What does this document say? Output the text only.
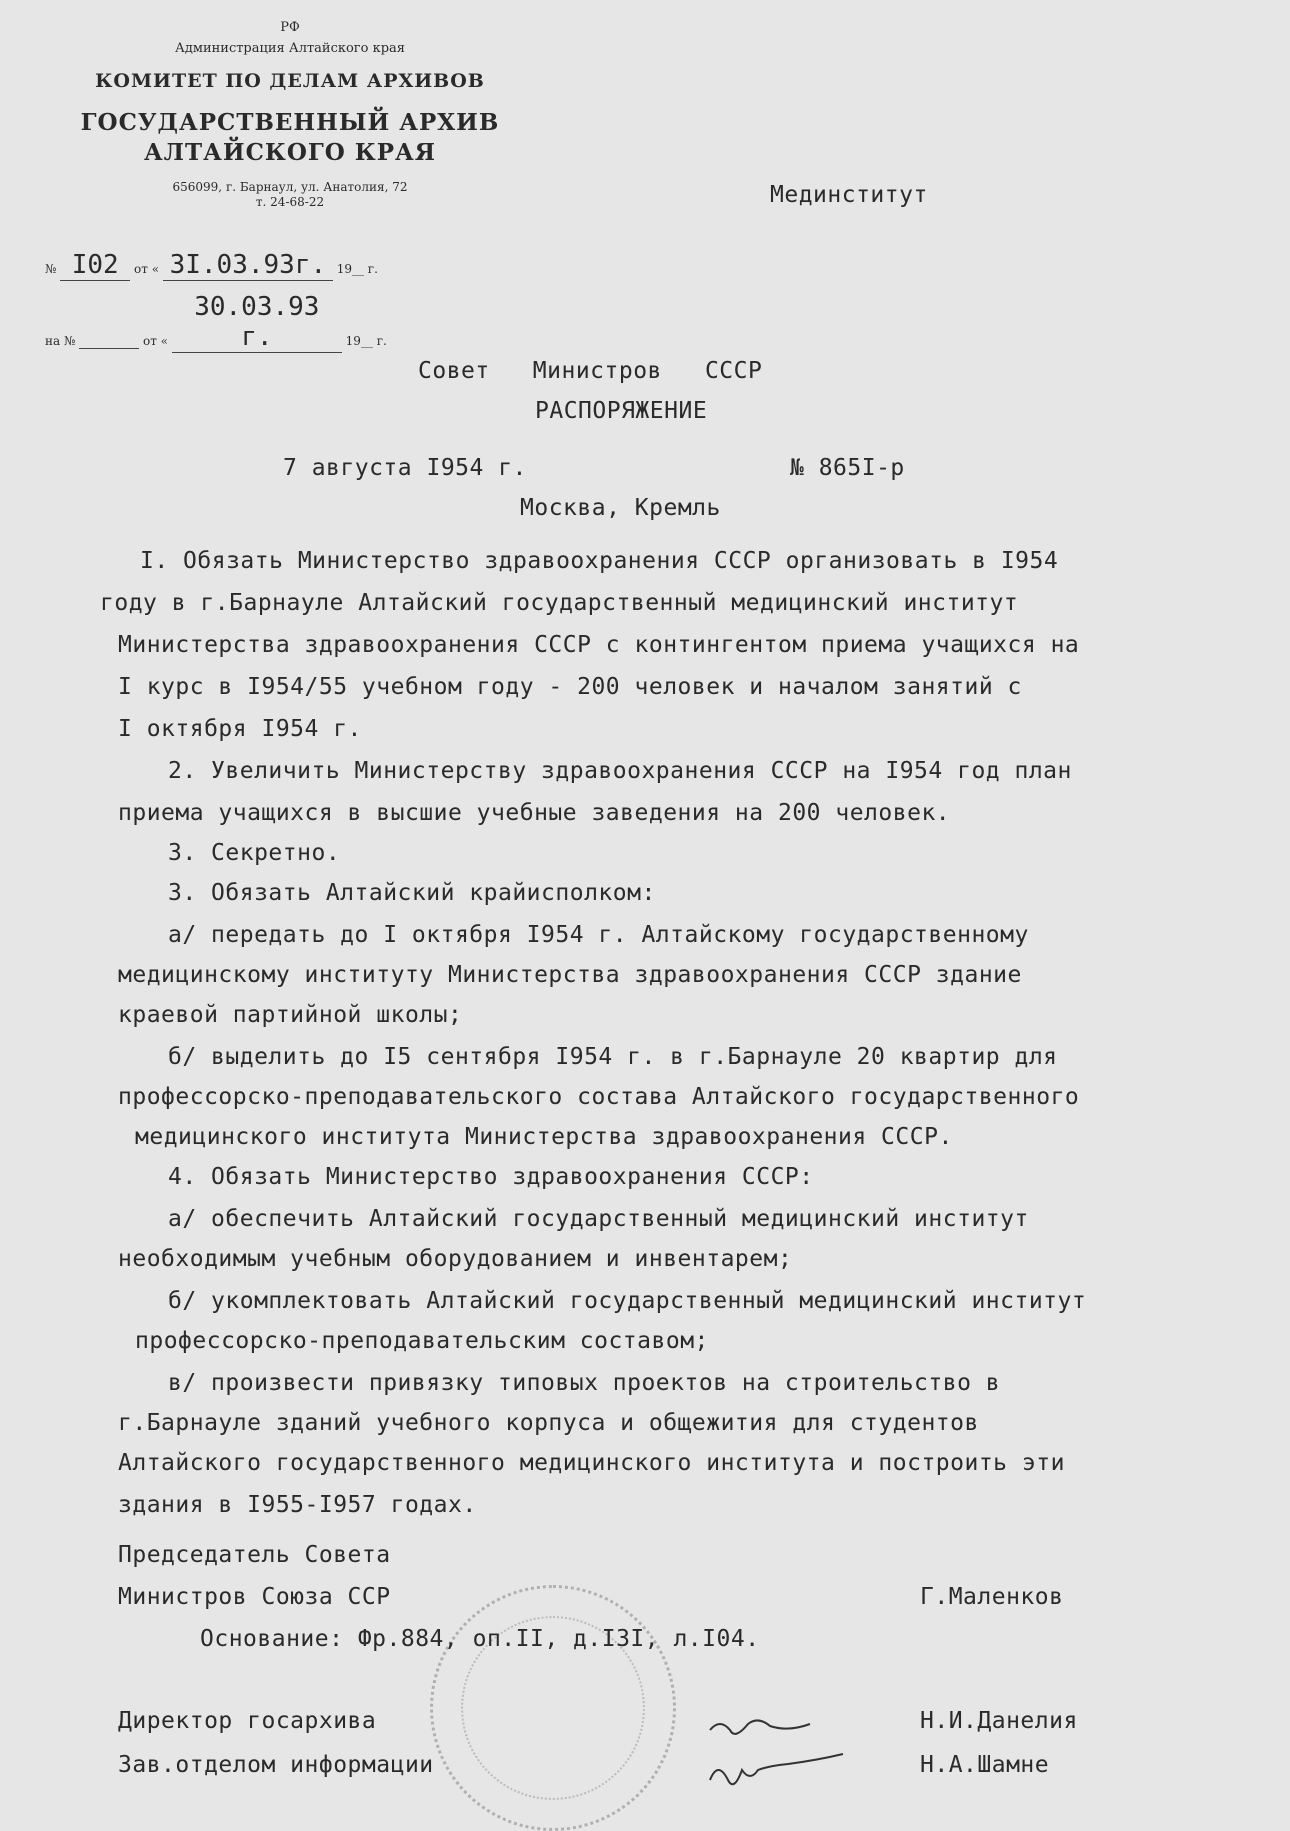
РФ
Администрация Алтайского края
КОМИТЕТ ПО ДЕЛАМ АРХИВОВ
ГОСУДАРСТВЕННЫЙ АРХИВ
АЛТАЙСКОГО КРАЯ
656099, г. Барнаул, ул. Анатолия, 72
т. 24-68-22
№ I02 от « 3I.03.93г. 19__ г.
на №	от « 30.03.93 г.	19__ г.
Мединститут
Совет   Министров   СССР
РАСПОРЯЖЕНИЕ
7 августа I954 г.	№ 865I-р
Москва, Кремль
I. Обязать Министерство здравоохранения СССР организовать в I954
году в г.Барнауле Алтайский государственный медицинский институт
Министерства здравоохранения СССР с контингентом приема учащихся на
I курс в I954/55 учебном году - 200 человек и началом занятий с
I октября I954 г.
2. Увеличить Министерству здравоохранения СССР на I954 год план
приема учащихся в высшие учебные заведения на 200 человек.
3. Секретно.
3. Обязать Алтайский крайисполком:
а/ передать до I октября I954 г. Алтайскому государственному
медицинскому институту Министерства здравоохранения СССР здание
краевой партийной школы;
б/ выделить до I5 сентября I954 г. в г.Барнауле 20 квартир для
профессорско-преподавательского состава Алтайского государственного
медицинского института Министерства здравоохранения СССР.
4. Обязать Министерство здравоохранения СССР:
а/ обеспечить Алтайский государственный медицинский институт
необходимым учебным оборудованием и инвентарем;
б/ укомплектовать Алтайский государственный медицинский институт
профессорско-преподавательским составом;
в/ произвести привязку типовых проектов на строительство в
г.Барнауле зданий учебного корпуса и общежития для студентов
Алтайского государственного медицинского института и построить эти
здания в I955-I957 годах.
Председатель Совета
Министров Союза ССР	Г.Маленков
Основание: Фр.884, оп.II, д.I3I, л.I04.
Директор госархива	Н.И.Данелия
Зав.отделом информации	Н.А.Шамне
